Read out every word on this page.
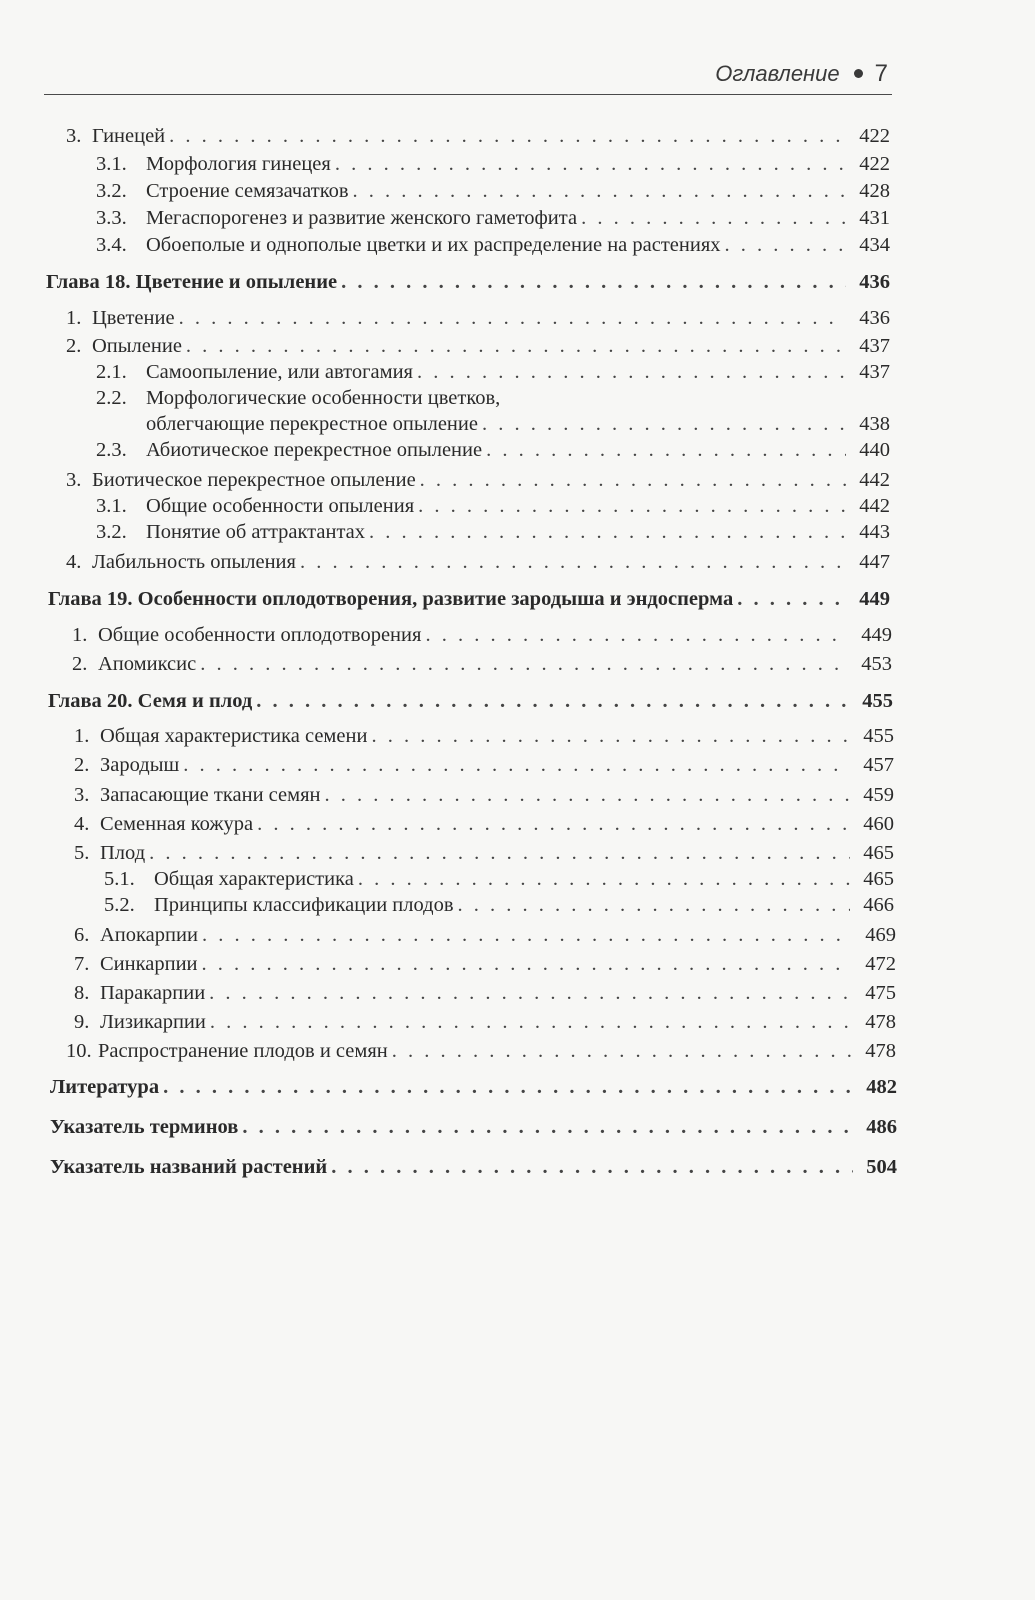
Оглавление 7
3. Гинецей . . .	422
3.1. Морфология гинецея . . .	422
3.2. Строение семязачатков . . .	428
3.3. Мегаспорогенез и развитие женского гаметофита . . .	431
3.4. Обоеполые и однополые цветки и их распределение на растениях . . .	434
Глава 18. Цветение и опыление . . .	436
1. Цветение . . .	436
2. Опыление . . .	437
2.1. Самоопыление, или автогамия . . .	437
2.2. Морфологические особенности цветков,
облегчающие перекрестное опыление . . .	438
2.3. Абиотическое перекрестное опыление . . .	440
3. Биотическое перекрестное опыление . . .	442
3.1. Общие особенности опыления . . .	442
3.2. Понятие об аттрактантах . . .	443
4. Лабильность опыления . . .	447
Глава 19. Особенности оплодотворения, развитие зародыша и эндосперма . . .	449
1. Общие особенности оплодотворения . . .	449
2. Апомиксис . . .	453
Глава 20. Семя и плод . . .	455
1. Общая характеристика семени . . .	455
2. Зародыш . . .	457
3. Запасающие ткани семян . . .	459
4. Семенная кожура . . .	460
5. Плод . . .	465
5.1. Общая характеристика . . .	465
5.2. Принципы классификации плодов . . .	466
6. Апокарпии . . .	469
7. Синкарпии . . .	472
8. Паракарпии . . .	475
9. Лизикарпии . . .	478
10. Распространение плодов и семян . . .	478
Литература . . .	482
Указатель терминов . . .	486
Указатель названий растений . . .	504
